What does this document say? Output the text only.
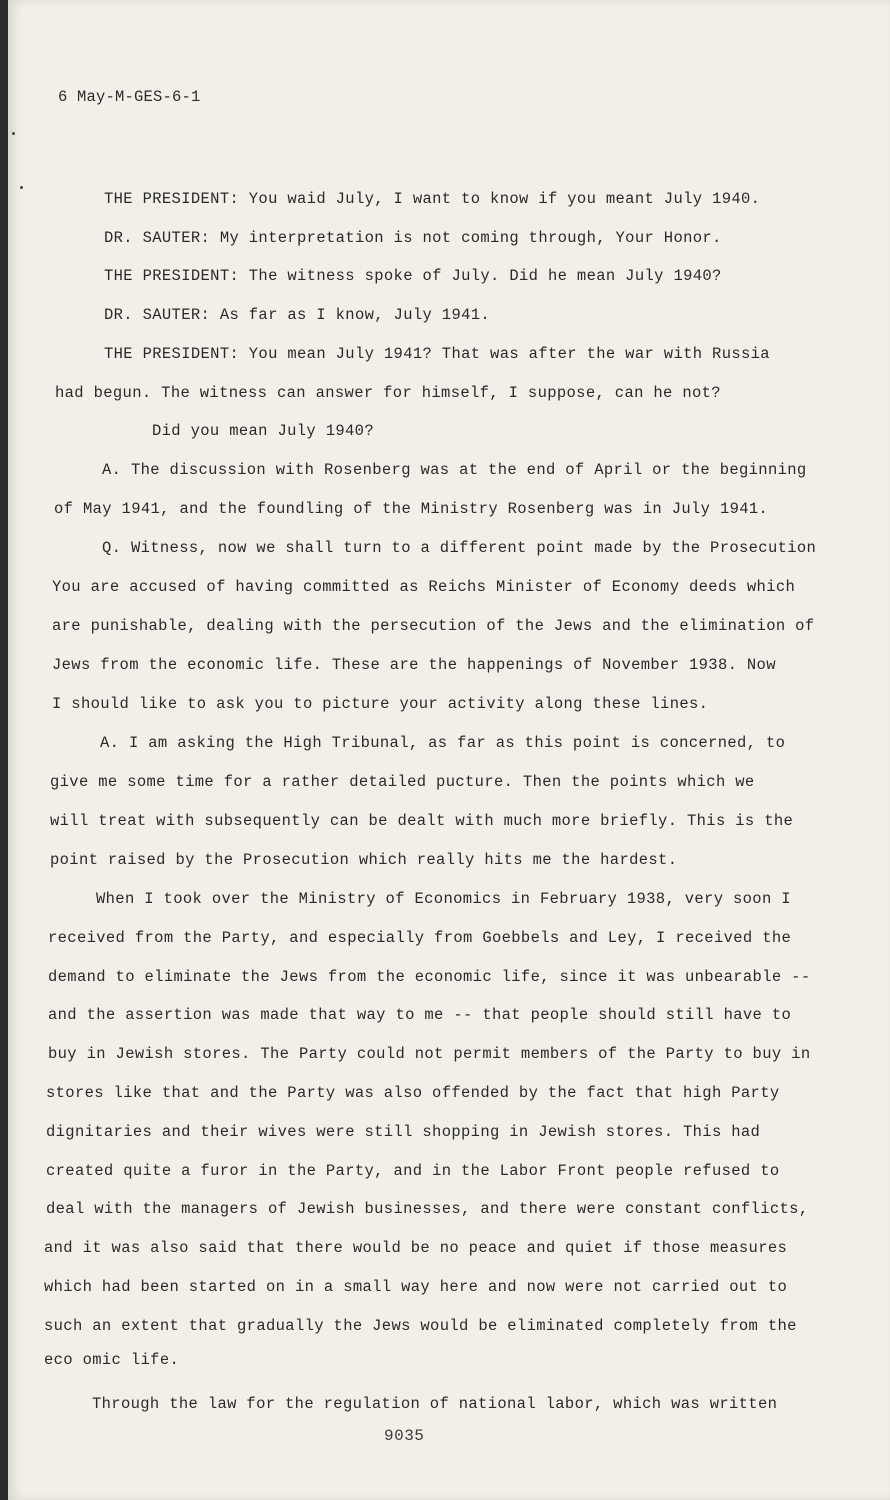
6 May-M-GES-6-1
THE PRESIDENT: You waid July, I want to know if you meant July 1940.
DR. SAUTER: My interpretation is not coming through, Your Honor.
THE PRESIDENT: The witness spoke of July. Did he mean July 1940?
DR. SAUTER: As far as I know, July 1941.
THE PRESIDENT: You mean July 1941? That was after the war with Russia
had begun. The witness can answer for himself, I suppose, can he not?
Did you mean July 1940?
A. The discussion with Rosenberg was at the end of April or the beginning
of May 1941, and the foundling of the Ministry Rosenberg was in July 1941.
Q. Witness, now we shall turn to a different point made by the Prosecution
You are accused of having committed as Reichs Minister of Economy deeds which
are punishable, dealing with the persecution of the Jews and the elimination of
Jews from the economic life. These are the happenings of November 1938. Now
I should like to ask you to picture your activity along these lines.
A. I am asking the High Tribunal, as far as this point is concerned, to
give me some time for a rather detailed pucture. Then the points which we
will treat with subsequently can be dealt with much more briefly. This is the
point raised by the Prosecution which really hits me the hardest.
When I took over the Ministry of Economics in February 1938, very soon I
received from the Party, and especially from Goebbels and Ley, I received the
demand to eliminate the Jews from the economic life, since it was unbearable --
and the assertion was made that way to me -- that people should still have to
buy in Jewish stores. The Party could not permit members of the Party to buy in
stores like that and the Party was also offended by the fact that high Party
dignitaries and their wives were still shopping in Jewish stores. This had
created quite a furor in the Party, and in the Labor Front people refused to
deal with the managers of Jewish businesses, and there were constant conflicts,
and it was also said that there would be no peace and quiet if those measures
which had been started on in a small way here and now were not carried out to
such an extent that gradually the Jews would be eliminated completely from the
eco omic life.
Through the law for the regulation of national labor, which was written
9035
